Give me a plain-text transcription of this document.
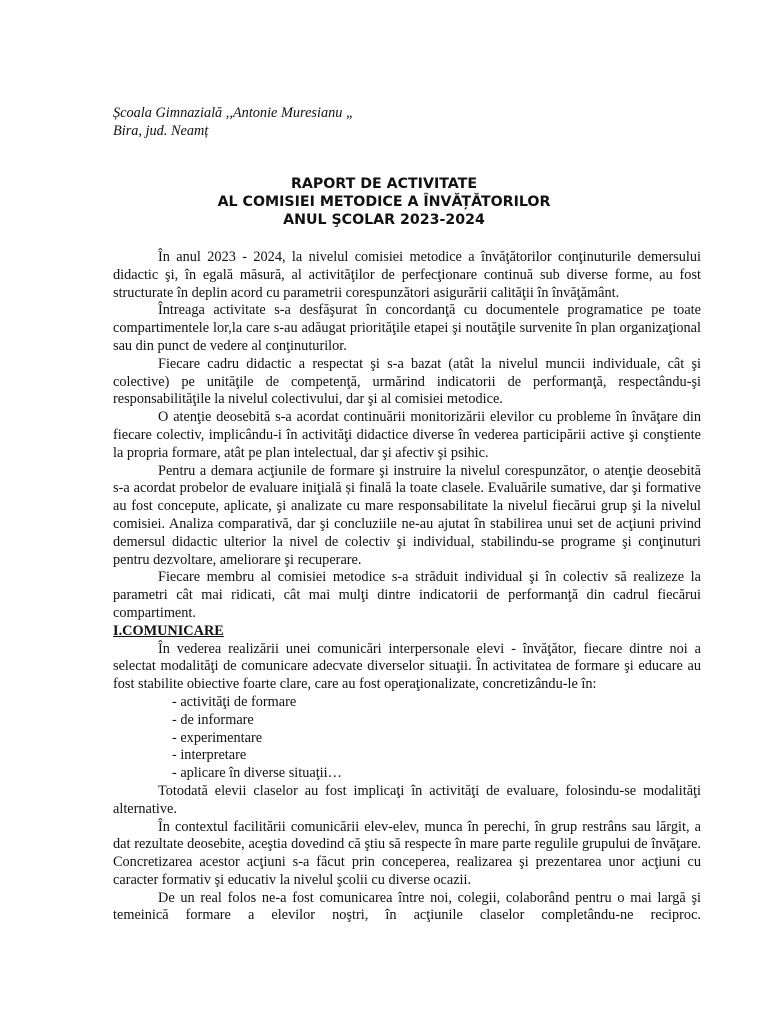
Școala Gimnazială ,,Antonie Muresianu „
Bira, jud. Neamț
RAPORT DE ACTIVITATE
AL COMISIEI METODICE A ÎNVĂȚĂTORILOR
ANUL ŞCOLAR 2023-2024

În anul 2023 - 2024, la nivelul comisiei metodice a învăţătorilor conţinuturile demersului didactic şi, în egală măsură, al activităţilor de perfecţionare continuă sub diverse forme, au fost structurate în deplin acord cu parametrii corespunzători asigurării calităţii în învăţământ.

Întreaga activitate s-a desfăşurat în concordanţă cu documentele programatice pe toate compartimentele lor,la care s-au adăugat priorităţile etapei şi noutăţile survenite în plan organizaţional sau din punct de vedere al conţinuturilor.

Fiecare cadru didactic a respectat şi s-a bazat (atât la nivelul muncii individuale, cât şi colective) pe unităţile de competenţă, urmărind indicatorii de performanţă, respectându-şi responsabilităţile la nivelul colectivului, dar şi al comisiei metodice.

O atenţie deosebită s-a acordat continuării monitorizării elevilor cu probleme în învăţare din fiecare colectiv, implicându-i în activităţi didactice diverse în vederea participării active şi conştiente la propria formare, atât pe plan intelectual, dar şi afectiv şi psihic.

Pentru a demara acţiunile de formare şi instruire la nivelul corespunzător, o atenţie deosebită s-a acordat probelor de evaluare iniţială și finală la toate clasele. Evaluările sumative, dar şi formative au fost concepute, aplicate, şi analizate cu mare responsabilitate la nivelul fiecărui grup şi la nivelul comisiei. Analiza comparativă, dar şi concluziile ne-au ajutat în stabilirea unui set de acţiuni privind demersul didactic ulterior la nivel de colectiv şi individual, stabilindu-se programe şi conţinuturi pentru dezvoltare, ameliorare şi recuperare.

Fiecare membru al comisiei metodice s-a străduit individual şi în colectiv să realizeze la parametri cât mai ridicati, cât mai mulţi dintre indicatorii de performanţă din cadrul fiecărui compartiment.

I.COMUNICARE

În vederea realizării unei comunicări interpersonale elevi - învăţător, fiecare dintre noi a selectat modalităţi de comunicare adecvate diverselor situaţii. În activitatea de formare şi educare au fost stabilite obiective foarte clare, care au fost operaţionalizate, concretizându-le în:

- activităţi de formare
- de informare
- experimentare
- interpretare
- aplicare în diverse situaţii…

Totodată elevii claselor au fost implicaţi în activităţi de evaluare, folosindu-se modalităţi alternative.

În contextul facilitării comunicării elev-elev, munca în perechi, în grup restrâns sau lărgit, a dat rezultate deosebite, aceştia dovedind că ştiu să respecte în mare parte regulile grupului de învăţare. Concretizarea acestor acţiuni s-a făcut prin conceperea, realizarea şi prezentarea unor acţiuni cu caracter formativ şi educativ la nivelul şcolii cu diverse ocazii.

De un real folos ne-a fost comunicarea între noi, colegii, colaborând pentru o mai largă şi temeinică formare a elevilor noştri, în acţiunile claselor completându-ne reciproc.
